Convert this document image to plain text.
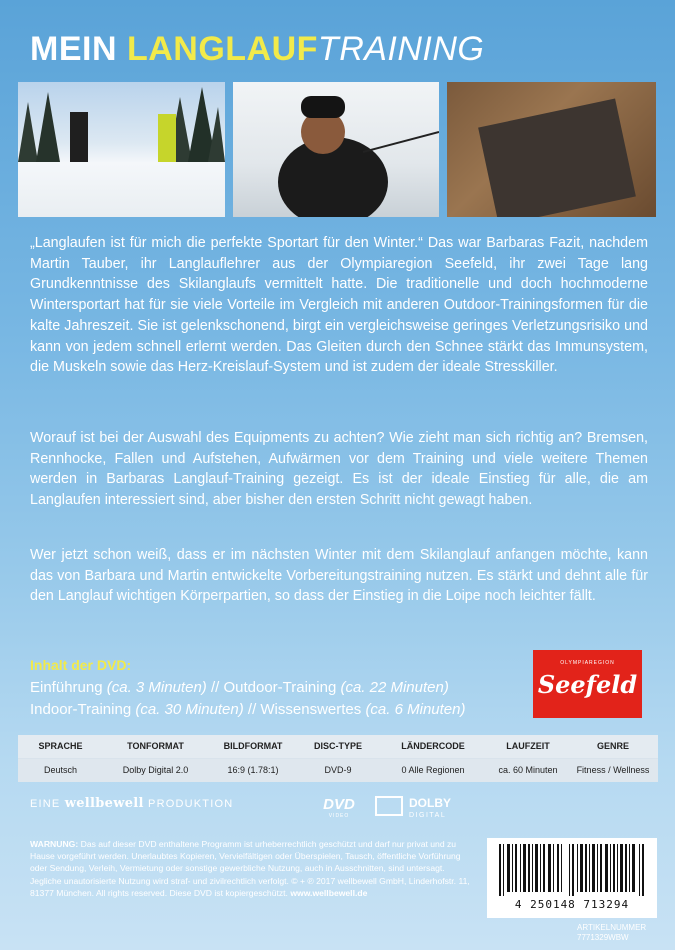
MEIN LANGLAUFTRAINING
„Langlaufen ist für mich die perfekte Sportart für den Winter.“ Das war Barbaras Fazit, nachdem Martin Tauber, ihr Langlauflehrer aus der Olympiaregion Seefeld, ihr zwei Tage lang Grundkenntnisse des Skilanglaufs vermittelt hatte. Die traditionelle und doch hochmoderne Wintersportart hat für sie viele Vorteile im Vergleich mit anderen Outdoor-Trainingsformen für die kalte Jahreszeit. Sie ist gelenkschonend, birgt ein vergleichsweise geringes Verletzungsrisiko und kann von jedem schnell erlernt werden. Das Gleiten durch den Schnee stärkt das Immunsystem, die Muskeln sowie das Herz-Kreislauf-System und ist zudem der ideale Stresskiller.
Worauf ist bei der Auswahl des Equipments zu achten? Wie zieht man sich richtig an? Bremsen, Rennhocke, Fallen und Aufstehen, Aufwärmen vor dem Training und viele weitere Themen werden in Barbaras Langlauf-Training gezeigt. Es ist der ideale Einstieg für alle, die am Langlaufen interessiert sind, aber bisher den ersten Schritt nicht gewagt haben.
Wer jetzt schon weiß, dass er im nächsten Winter mit dem Skilanglauf anfangen möchte, kann das von Barbara und Martin entwickelte Vorbereitungstraining nutzen. Es stärkt und dehnt alle für den Langlauf wichtigen Körperpartien, so dass der Einstieg in die Loipe noch leichter fällt.
Inhalt der DVD:
Einführung (ca. 3 Minuten) // Outdoor-Training (ca. 22 Minuten)
Indoor-Training (ca. 30 Minuten) // Wissenswertes (ca. 6 Minuten)
OLYMPIAREGION
Seefeld
SPRACHE	TONFORMAT	BILDFORMAT	DISC-TYPE	LÄNDERCODE	LAUFZEIT	GENRE
Deutsch	Dolby Digital 2.0	16:9 (1.78:1)	DVD-9	0 Alle Regionen	ca. 60 Minuten	Fitness / Wellness
EINE wellbewell PRODUKTION	DVD
VIDEO
DOLBY
DIGITAL
WARNUNG: Das auf dieser DVD enthaltene Programm ist urheberrechtlich geschützt und darf nur privat und zu Hause vorgeführt werden. Unerlaubtes Kopieren, Vervielfältigen oder Überspielen, Tausch, öffentliche Vorführung oder Sendung, Verleih, Vermietung oder sonstige gewerbliche Nutzung, auch in Ausschnitten, sind untersagt. Jegliche unautorisierte Nutzung wird straf- und zivilrechtlich verfolgt. © + ℗ 2017 wellbewell GmbH, Linderhofstr. 11, 81377 München. All rights reserved. Diese DVD ist kopiergeschützt. www.wellbewell.de
4 250148 713294
ARTIKELNUMMER
7771329WBW
